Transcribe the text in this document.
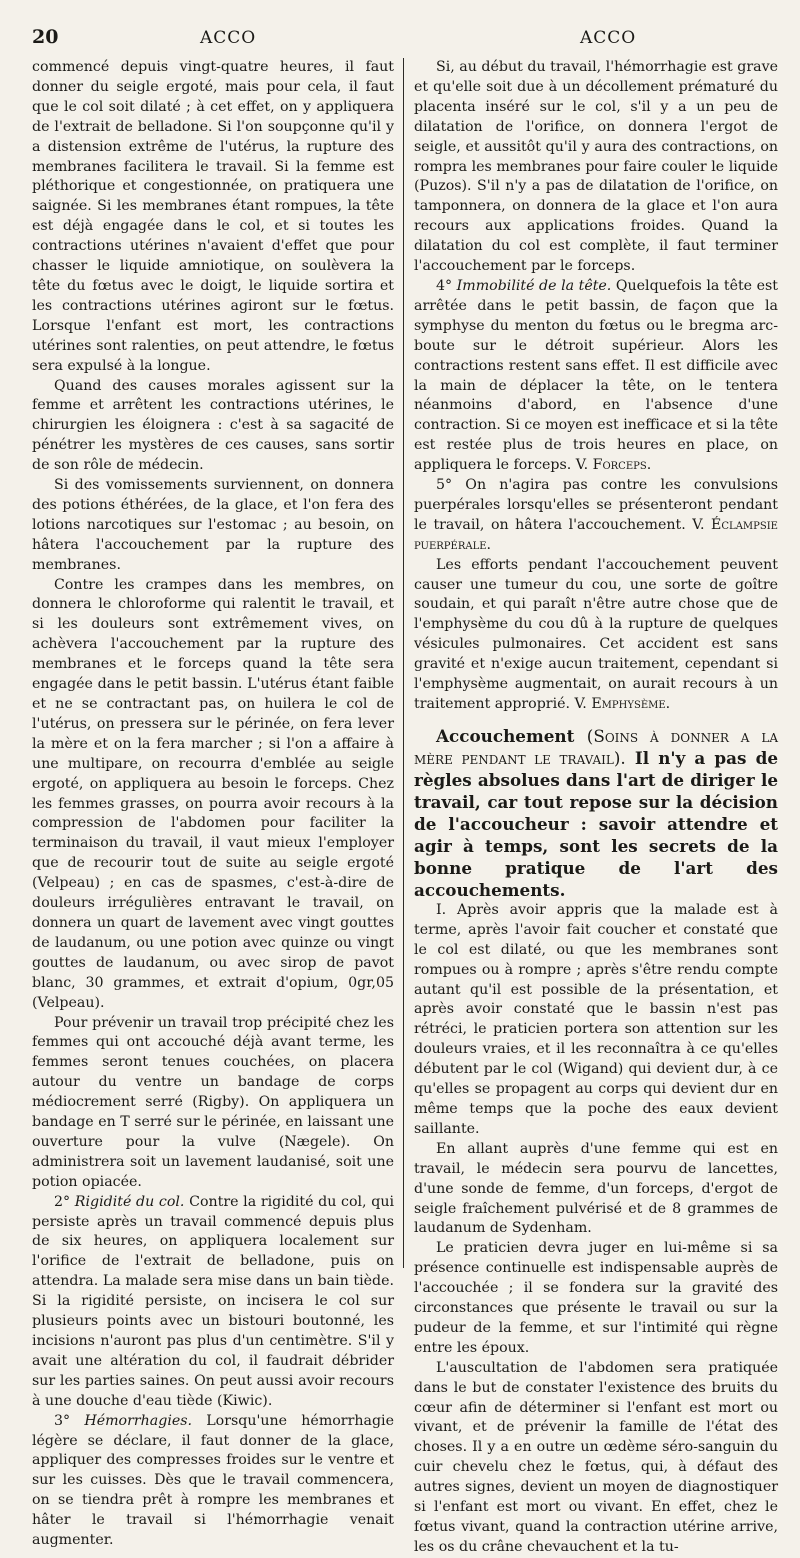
20	ACCO	ACCO

commencé depuis vingt-quatre heures, il faut donner du seigle ergoté, mais pour cela, il faut que le col soit dilaté ; à cet effet, on y appliquera de l'extrait de belladone. Si l'on soupçonne qu'il y a distension extrême de l'utérus, la rupture des membranes facilitera le travail. Si la femme est pléthorique et congestionnée, on pratiquera une saignée. Si les membranes étant rompues, la tête est déjà engagée dans le col, et si toutes les contractions utérines n'avaient d'effet que pour chasser le liquide amniotique, on soulèvera la tête du fœtus avec le doigt, le liquide sortira et les contractions utérines agiront sur le fœtus. Lorsque l'enfant est mort, les contractions utérines sont ralenties, on peut attendre, le fœtus sera expulsé à la longue.

Quand des causes morales agissent sur la femme et arrêtent les contractions utérines, le chirurgien les éloignera : c'est à sa sagacité de pénétrer les mystères de ces causes, sans sortir de son rôle de médecin.

Si des vomissements surviennent, on donnera des potions éthérées, de la glace, et l'on fera des lotions narcotiques sur l'estomac ; au besoin, on hâtera l'accouchement par la rupture des membranes.

Contre les crampes dans les membres, on donnera le chloroforme qui ralentit le travail, et si les douleurs sont extrêmement vives, on achèvera l'accouchement par la rupture des membranes et le forceps quand la tête sera engagée dans le petit bassin. L'utérus étant faible et ne se contractant pas, on huilera le col de l'utérus, on pressera sur le périnée, on fera lever la mère et on la fera marcher ; si l'on a affaire à une multipare, on recourra d'emblée au seigle ergoté, on appliquera au besoin le forceps. Chez les femmes grasses, on pourra avoir recours à la compression de l'abdomen pour faciliter la terminaison du travail, il vaut mieux l'employer que de recourir tout de suite au seigle ergoté (Velpeau) ; en cas de spasmes, c'est-à-dire de douleurs irrégulières entravant le travail, on donnera un quart de lavement avec vingt gouttes de laudanum, ou une potion avec quinze ou vingt gouttes de laudanum, ou avec sirop de pavot blanc, 30 grammes, et extrait d'opium, 0gr,05 (Velpeau).

Pour prévenir un travail trop précipité chez les femmes qui ont accouché déjà avant terme, les femmes seront tenues couchées, on placera autour du ventre un bandage de corps médiocrement serré (Rigby). On appliquera un bandage en T serré sur le périnée, en laissant une ouverture pour la vulve (Nægele). On administrera soit un lavement laudanisé, soit une potion opiacée.

2° Rigidité du col. Contre la rigidité du col, qui persiste après un travail commencé depuis plus de six heures, on appliquera localement sur l'orifice de l'extrait de belladone, puis on attendra. La malade sera mise dans un bain tiède. Si la rigidité persiste, on incisera le col sur plusieurs points avec un bistouri boutonné, les incisions n'auront pas plus d'un centimètre. S'il y avait une altération du col, il faudrait débrider sur les parties saines. On peut aussi avoir recours à une douche d'eau tiède (Kiwic).

3° Hémorrhagies. Lorsqu'une hémorrhagie légère se déclare, il faut donner de la glace, appliquer des compresses froides sur le ventre et sur les cuisses. Dès que le travail commencera, on se tiendra prêt à rompre les membranes et hâter le travail si l'hémorrhagie venait augmenter.

Si, au début du travail, l'hémorrhagie est grave et qu'elle soit due à un décollement prématuré du placenta inséré sur le col, s'il y a un peu de dilatation de l'orifice, on donnera l'ergot de seigle, et aussitôt qu'il y aura des contractions, on rompra les membranes pour faire couler le liquide (Puzos). S'il n'y a pas de dilatation de l'orifice, on tamponnera, on donnera de la glace et l'on aura recours aux applications froides. Quand la dilatation du col est complète, il faut terminer l'accouchement par le forceps.

4° Immobilité de la tête. Quelquefois la tête est arrêtée dans le petit bassin, de façon que la symphyse du menton du fœtus ou le bregma arc-boute sur le détroit supérieur. Alors les contractions restent sans effet. Il est difficile avec la main de déplacer la tête, on le tentera néanmoins d'abord, en l'absence d'une contraction. Si ce moyen est inefficace et si la tête est restée plus de trois heures en place, on appliquera le forceps. V. Forceps.

5° On n'agira pas contre les convulsions puerpérales lorsqu'elles se présenteront pendant le travail, on hâtera l'accouchement. V. Éclampsie puerpérale.

Les efforts pendant l'accouchement peuvent causer une tumeur du cou, une sorte de goître soudain, et qui paraît n'être autre chose que de l'emphysème du cou dû à la rupture de quelques vésicules pulmonaires. Cet accident est sans gravité et n'exige aucun traitement, cependant si l'emphysème augmentait, on aurait recours à un traitement approprié. V. Emphysème.

Accouchement (Soins à donner a la mère pendant le travail). Il n'y a pas de règles absolues dans l'art de diriger le travail, car tout repose sur la décision de l'accoucheur : savoir attendre et agir à temps, sont les secrets de la bonne pratique de l'art des accouchements.

I. Après avoir appris que la malade est à terme, après l'avoir fait coucher et constaté que le col est dilaté, ou que les membranes sont rompues ou à rompre ; après s'être rendu compte autant qu'il est possible de la présentation, et après avoir constaté que le bassin n'est pas rétréci, le praticien portera son attention sur les douleurs vraies, et il les reconnaîtra à ce qu'elles débutent par le col (Wigand) qui devient dur, à ce qu'elles se propagent au corps qui devient dur en même temps que la poche des eaux devient saillante.

En allant auprès d'une femme qui est en travail, le médecin sera pourvu de lancettes, d'une sonde de femme, d'un forceps, d'ergot de seigle fraîchement pulvérisé et de 8 grammes de laudanum de Sydenham.

Le praticien devra juger en lui-même si sa présence continuelle est indispensable auprès de l'accouchée ; il se fondera sur la gravité des circonstances que présente le travail ou sur la pudeur de la femme, et sur l'intimité qui règne entre les époux.

L'auscultation de l'abdomen sera pratiquée dans le but de constater l'existence des bruits du cœur afin de déterminer si l'enfant est mort ou vivant, et de prévenir la famille de l'état des choses. Il y a en outre un œdème séro-sanguin du cuir chevelu chez le fœtus, qui, à défaut des autres signes, devient un moyen de diagnostiquer si l'enfant est mort ou vivant. En effet, chez le fœtus vivant, quand la contraction utérine arrive, les os du crâne chevauchent et la tu-
